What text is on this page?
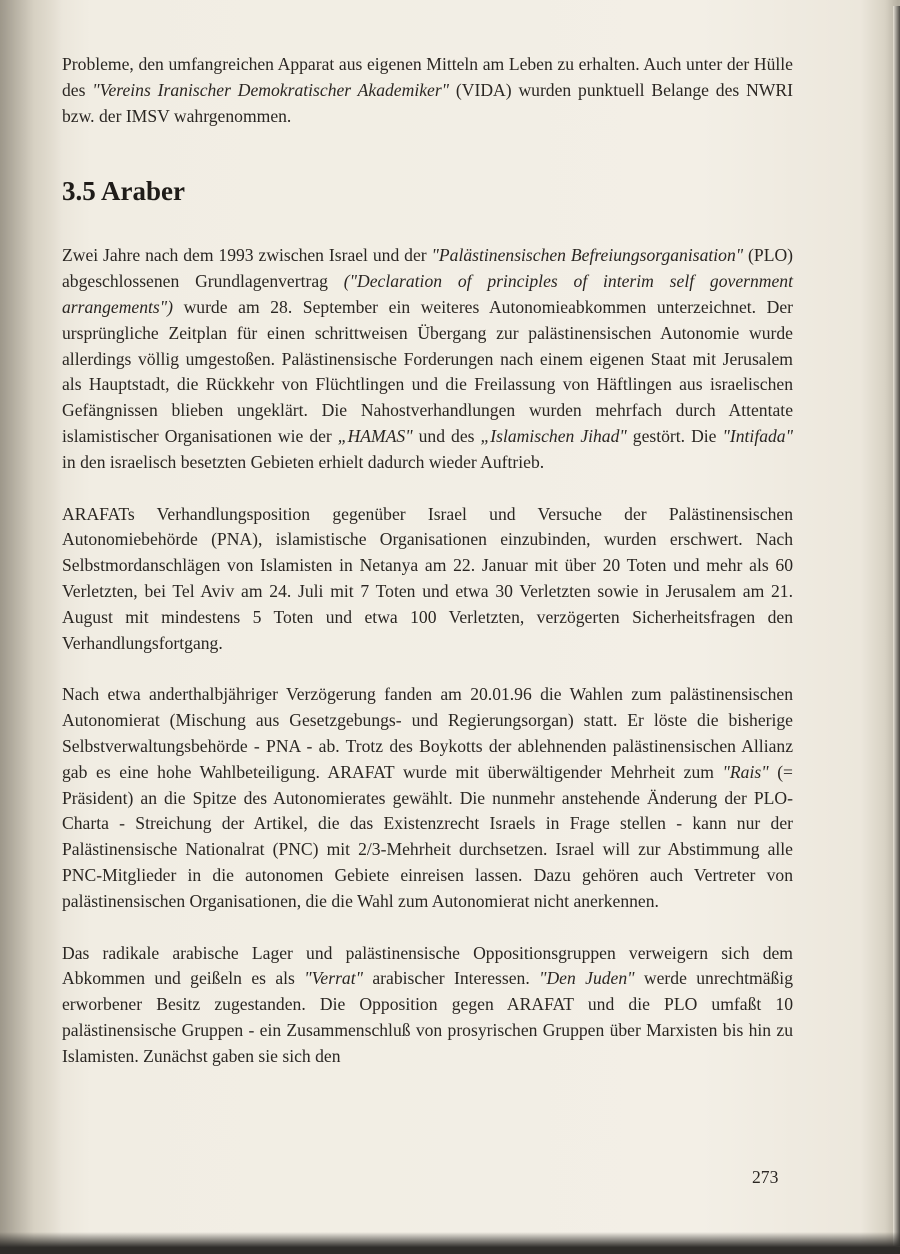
Probleme, den umfangreichen Apparat aus eigenen Mitteln am Leben zu erhalten. Auch unter der Hülle des "Vereins Iranischer Demokratischer Akademiker" (VIDA) wurden punktuell Belange des NWRI bzw. der IMSV wahrgenommen.

3.5 Araber

Zwei Jahre nach dem 1993 zwischen Israel und der "Palästinensischen Befreiungsorganisation" (PLO) abgeschlossenen Grundlagenvertrag ("Declaration of principles of interim self government arrangements") wurde am 28. September ein weiteres Autonomieabkommen unterzeichnet. Der ursprüngliche Zeitplan für einen schrittweisen Übergang zur palästinensischen Autonomie wurde allerdings völlig umgestoßen. Palästinensische Forderungen nach einem eigenen Staat mit Jerusalem als Hauptstadt, die Rückkehr von Flüchtlingen und die Freilassung von Häftlingen aus israelischen Gefängnissen blieben ungeklärt. Die Nahostverhandlungen wurden mehrfach durch Attentate islamistischer Organisationen wie der „HAMAS" und des „Islamischen Jihad" gestört. Die "Intifada" in den israelisch besetzten Gebieten erhielt dadurch wieder Auftrieb.

ARAFATs Verhandlungsposition gegenüber Israel und Versuche der Palästinensischen Autonomiebehörde (PNA), islamistische Organisationen einzubinden, wurden erschwert. Nach Selbstmordanschlägen von Islamisten in Netanya am 22. Januar mit über 20 Toten und mehr als 60 Verletzten, bei Tel Aviv am 24. Juli mit 7 Toten und etwa 30 Verletzten sowie in Jerusalem am 21. August mit mindestens 5 Toten und etwa 100 Verletzten, verzögerten Sicherheitsfragen den Verhandlungsfortgang.

Nach etwa anderthalbjähriger Verzögerung fanden am 20.01.96 die Wahlen zum palästinensischen Autonomierat (Mischung aus Gesetzgebungs- und Regierungsorgan) statt. Er löste die bisherige Selbstverwaltungsbehörde - PNA - ab. Trotz des Boykotts der ablehnenden palästinensischen Allianz gab es eine hohe Wahlbeteiligung. ARAFAT wurde mit überwältigender Mehrheit zum "Rais" (= Präsident) an die Spitze des Autonomierates gewählt. Die nunmehr anstehende Änderung der PLO-Charta - Streichung der Artikel, die das Existenzrecht Israels in Frage stellen - kann nur der Palästinensische Nationalrat (PNC) mit 2/3-Mehrheit durchsetzen. Israel will zur Abstimmung alle PNC-Mitglieder in die autonomen Gebiete einreisen lassen. Dazu gehören auch Vertreter von palästinensischen Organisationen, die die Wahl zum Autonomierat nicht anerkennen.

Das radikale arabische Lager und palästinensische Oppositionsgruppen verweigern sich dem Abkommen und geißeln es als "Verrat" arabischer Interessen. "Den Juden" werde unrechtmäßig erworbener Besitz zugestanden. Die Opposition gegen ARAFAT und die PLO umfaßt 10 palästinensische Gruppen - ein Zusammenschluß von prosyrischen Gruppen über Marxisten bis hin zu Islamisten. Zunächst gaben sie sich den

273
